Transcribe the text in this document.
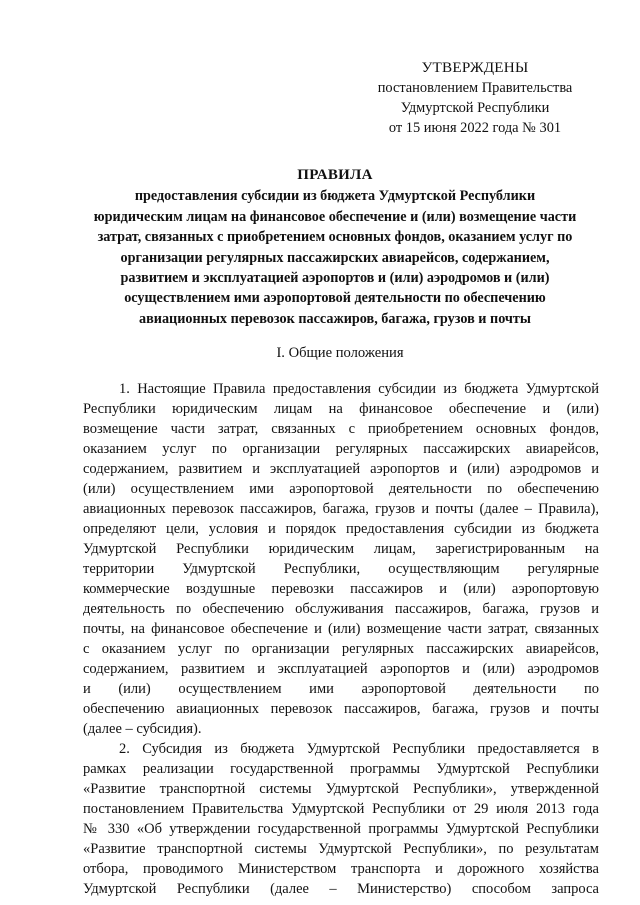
УТВЕРЖДЕНЫ
постановлением Правительства
Удмуртской Республики
от 15 июня 2022 года № 301
ПРАВИЛА
предоставления субсидии из бюджета Удмуртской Республики
юридическим лицам на финансовое обеспечение и (или) возмещение части
затрат, связанных с приобретением основных фондов, оказанием услуг по
организации регулярных пассажирских авиарейсов, содержанием,
развитием и эксплуатацией аэропортов и (или) аэродромов и (или)
осуществлением ими аэропортовой деятельности по обеспечению
авиационных перевозок пассажиров, багажа, грузов и почты
I. Общие положения
1. Настоящие Правила предоставления субсидии из бюджета Удмуртской
Республики юридическим лицам на финансовое обеспечение и (или)
возмещение части затрат, связанных с приобретением основных фондов,
оказанием услуг по организации регулярных пассажирских авиарейсов,
содержанием, развитием и эксплуатацией аэропортов и (или) аэродромов и
(или) осуществлением ими аэропортовой деятельности по обеспечению
авиационных перевозок пассажиров, багажа, грузов и почты (далее – Правила),
определяют цели, условия и порядок предоставления субсидии из бюджета
Удмуртской Республики юридическим лицам, зарегистрированным на
территории Удмуртской Республики, осуществляющим регулярные
коммерческие воздушные перевозки пассажиров и (или) аэропортовую
деятельность по обеспечению обслуживания пассажиров, багажа, грузов и
почты, на финансовое обеспечение и (или) возмещение части затрат, связанных
с оказанием услуг по организации регулярных пассажирских авиарейсов,
содержанием, развитием и эксплуатацией аэропортов и (или) аэродромов
и (или) осуществлением ими аэропортовой деятельности по
обеспечению авиационных перевозок пассажиров, багажа, грузов и почты
(далее – субсидия).
2. Субсидия из бюджета Удмуртской Республики предоставляется в
рамках реализации государственной программы Удмуртской Республики
«Развитие транспортной системы Удмуртской Республики», утвержденной
постановлением Правительства Удмуртской Республики от 29 июля 2013 года
№ 330 «Об утверждении государственной программы Удмуртской Республики
«Развитие транспортной системы Удмуртской Республики», по результатам
отбора, проводимого Министерством транспорта и дорожного хозяйства
Удмуртской Республики (далее – Министерство) способом запроса
